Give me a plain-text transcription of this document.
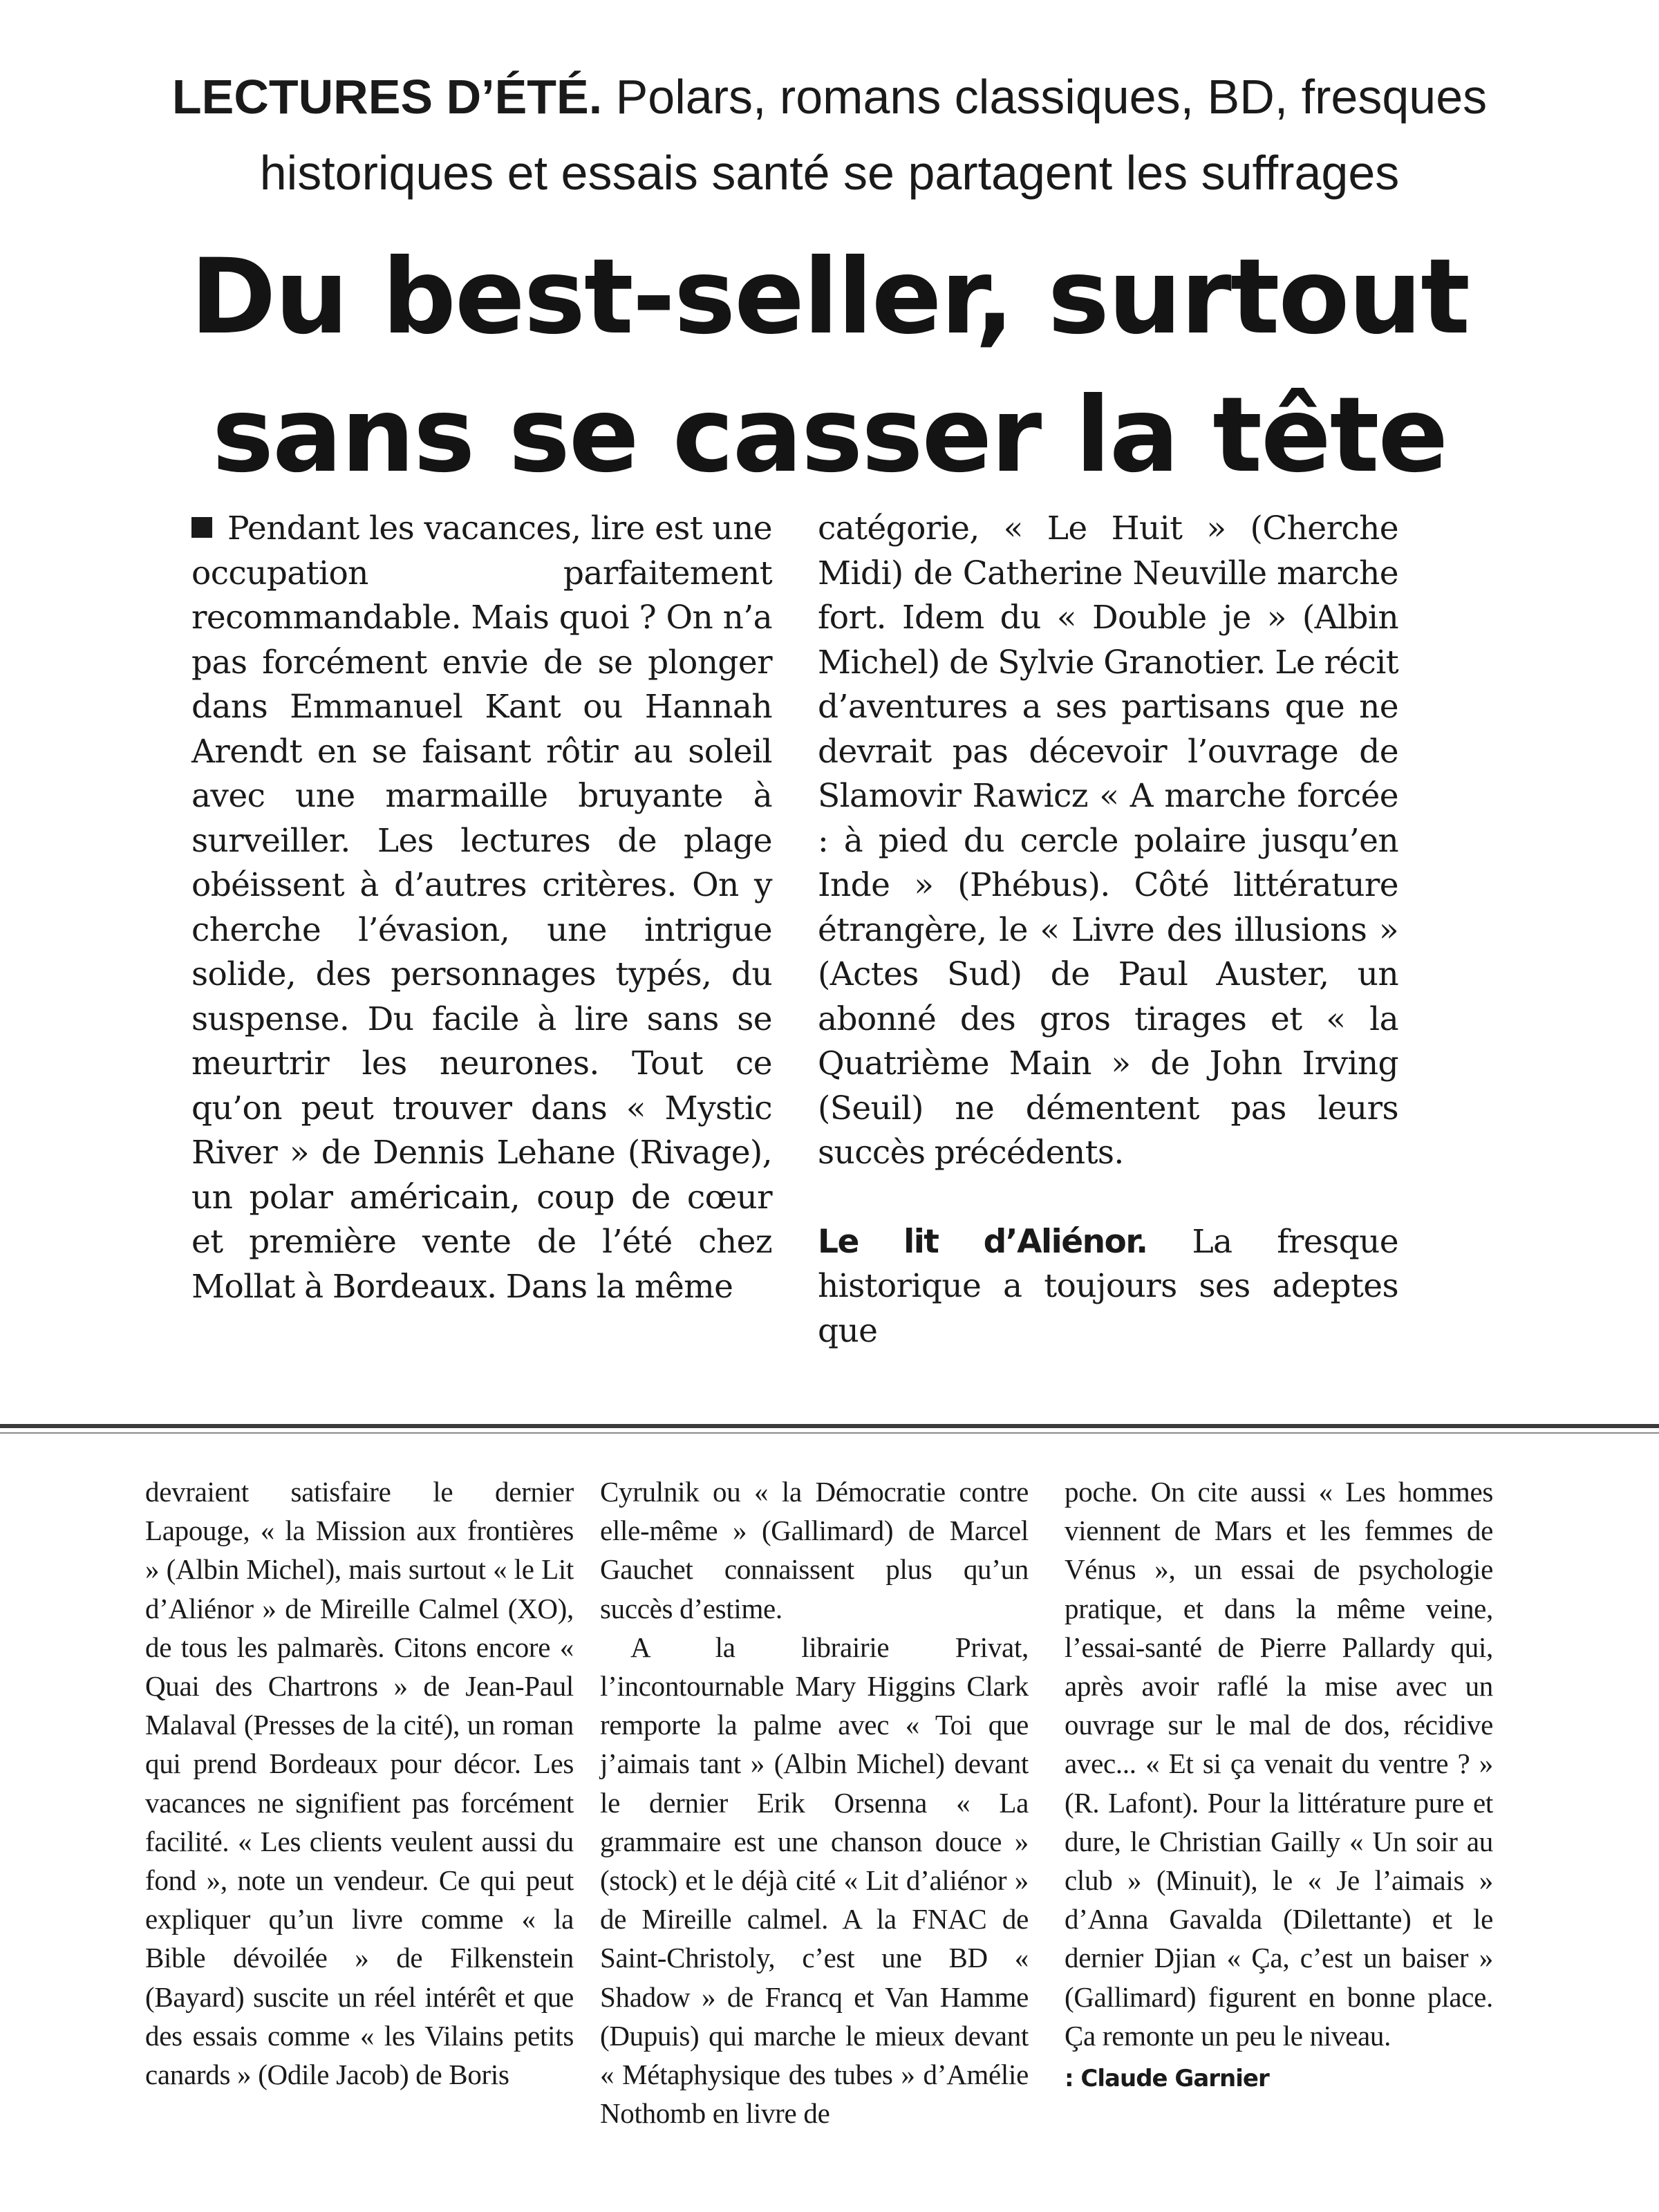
LECTURES D’ÉTÉ. Polars, romans classiques, BD, fresques historiques et essais santé se partagent les suffrages
Du best-seller, surtout
sans se casser la tête
Pendant les vacances, lire est une occupation parfaitement recommandable. Mais quoi ? On n’a pas forcément envie de se plonger dans Emmanuel Kant ou Hannah Arendt en se faisant rôtir au soleil avec une marmaille bruyante à surveiller. Les lectures de plage obéissent à d’autres critères. On y cherche l’évasion, une intrigue solide, des personnages typés, du suspense. Du facile à lire sans se meurtrir les neurones. Tout ce qu’on peut trouver dans « Mystic River » de Dennis Lehane (Rivage), un polar américain, coup de cœur et première vente de l’été chez Mollat à Bordeaux. Dans la même
catégorie, « Le Huit » (Cherche Midi) de Catherine Neuville marche fort. Idem du « Double je » (Albin Michel) de Sylvie Granotier. Le récit d’aventures a ses partisans que ne devrait pas décevoir l’ouvrage de Slamovir Rawicz « A marche forcée : à pied du cercle polaire jusqu’en Inde » (Phébus). Côté littérature étrangère, le « Livre des illusions » (Actes Sud) de Paul Auster, un abonné des gros tirages et « la Quatrième Main » de John Irving (Seuil) ne démentent pas leurs succès précédents.
Le lit d’Aliénor. La fresque historique a toujours ses adeptes que
devraient satisfaire le dernier Lapouge, « la Mission aux frontières » (Albin Michel), mais surtout « le Lit d’Aliénor » de Mireille Calmel (XO), de tous les palmarès. Citons encore « Quai des Chartrons » de Jean-Paul Malaval (Presses de la cité), un roman qui prend Bordeaux pour décor. Les vacances ne signifient pas forcément facilité. « Les clients veulent aussi du fond », note un vendeur. Ce qui peut expliquer qu’un livre comme « la Bible dévoilée » de Filkenstein (Bayard) suscite un réel intérêt et que des essais comme « les Vilains petits canards » (Odile Jacob) de Boris
Cyrulnik ou « la Démocratie contre elle-même » (Gallimard) de Marcel Gauchet connaissent plus qu’un succès d’estime.
A la librairie Privat, l’incontournable Mary Higgins Clark remporte la palme avec « Toi que j’aimais tant » (Albin Michel) devant le dernier Erik Orsenna « La grammaire est une chanson douce » (stock) et le déjà cité « Lit d’aliénor » de Mireille calmel. A la FNAC de Saint-Christoly, c’est une BD « Shadow » de Francq et Van Hamme (Dupuis) qui marche le mieux devant « Métaphysique des tubes » d’Amélie Nothomb en livre de
poche. On cite aussi « Les hommes viennent de Mars et les femmes de Vénus », un essai de psychologie pratique, et dans la même veine, l’essai-santé de Pierre Pallardy qui, après avoir raflé la mise avec un ouvrage sur le mal de dos, récidive avec... « Et si ça venait du ventre ? » (R. Lafont). Pour la littérature pure et dure, le Christian Gailly « Un soir au club » (Minuit), le « Je l’aimais » d’Anna Gavalda (Dilettante) et le dernier Djian « Ça, c’est un baiser » (Gallimard) figurent en bonne place. Ça remonte un peu le niveau.
: Claude Garnier
